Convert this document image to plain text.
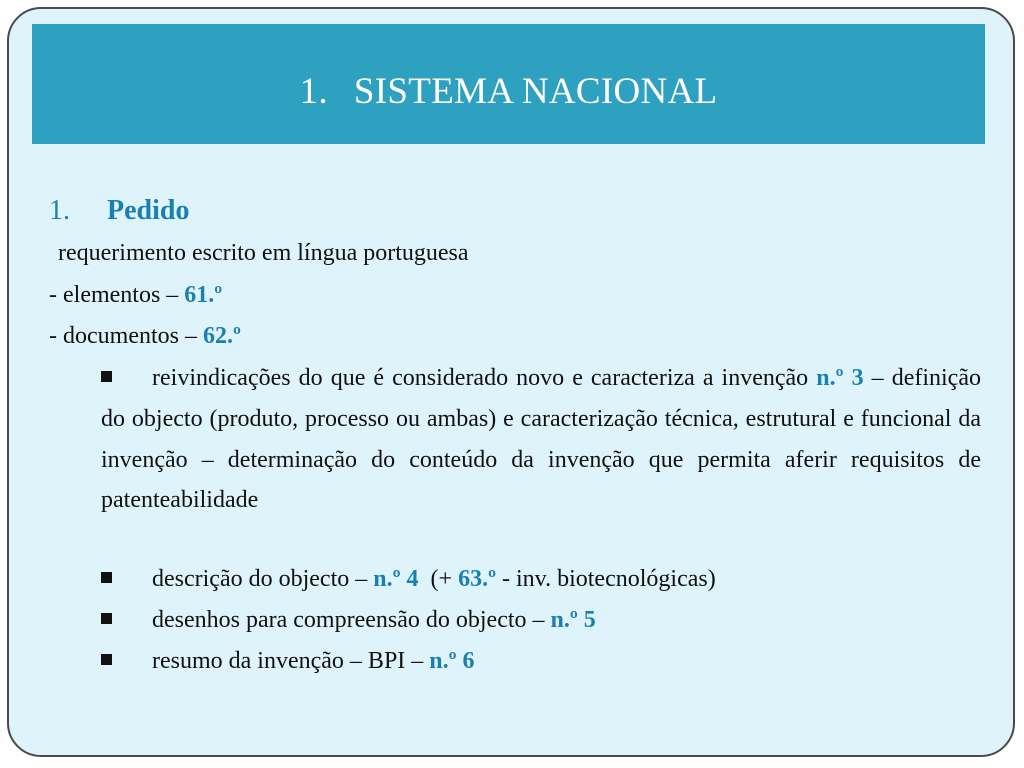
1. SISTEMA NACIONAL
1. Pedido
requerimento escrito em língua portuguesa
- elementos – 61.º
- documentos – 62.º
reivindicações do que é considerado novo e caracteriza a invenção n.º 3 – definição do objecto (produto, processo ou ambas) e caracterização técnica, estrutural e funcional da invenção – determinação do conteúdo da invenção que permita aferir requisitos de patenteabilidade
descrição do objecto – n.º 4  (+ 63.º - inv. biotecnológicas)
desenhos para compreensão do objecto – n.º 5
resumo da invenção – BPI – n.º 6
